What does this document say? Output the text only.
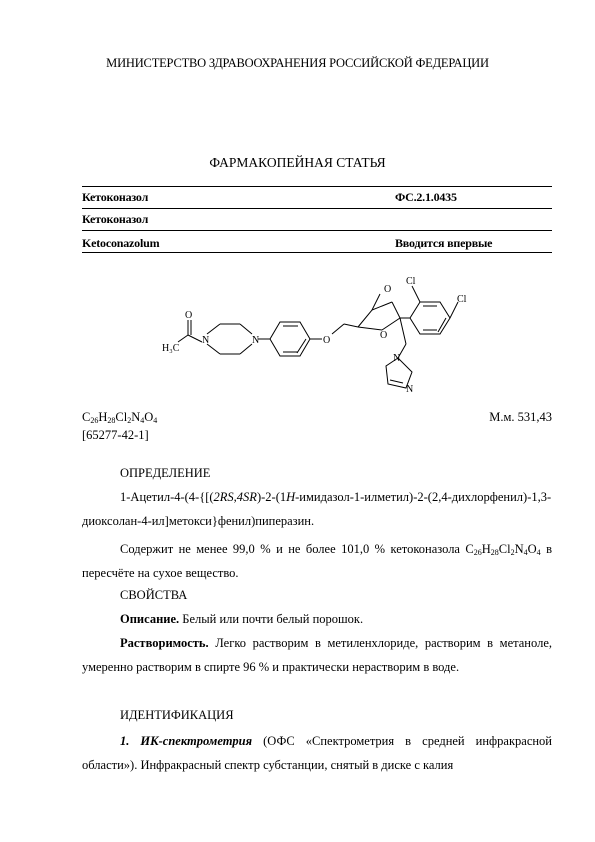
МИНИСТЕРСТВО ЗДРАВООХРАНЕНИЯ РОССИЙСКОЙ ФЕДЕРАЦИИ
ФАРМАКОПЕЙНАЯ СТАТЬЯ
Кетоконазол	ФС.2.1.0435
Кетоконазол
Ketoconazolum	Вводится впервые
H₃C
O
N	N	O
O
O
Cl
Cl
N
N
$C_{26}H_{28}Cl_2N_4O_4$	М.м. 531,43
[65277-42-1]
ОПРЕДЕЛЕНИЕ
1-Ацетил-4-(4-{[(2RS,4SR)-2-(1H-имидазол-1-илметил)-2-(2,4-дихлорфенил)-1,3-диоксолан-4-ил]метокси}фенил)пиперазин.
Содержит не менее 99,0 % и не более 101,0 % кетоконазола $C_{26}H_{28}Cl_2N_4O_4$ в пересчёте на сухое вещество.
СВОЙСТВА
Описание. Белый или почти белый порошок.
Растворимость. Легко растворим в метиленхлориде, растворим в метаноле, умеренно растворим в спирте 96 % и практически нерастворим в воде.
ИДЕНТИФИКАЦИЯ
1. ИК-спектрометрия (ОФС «Спектрометрия в средней инфракрасной области»). Инфракрасный спектр субстанции, снятый в диске с калия
